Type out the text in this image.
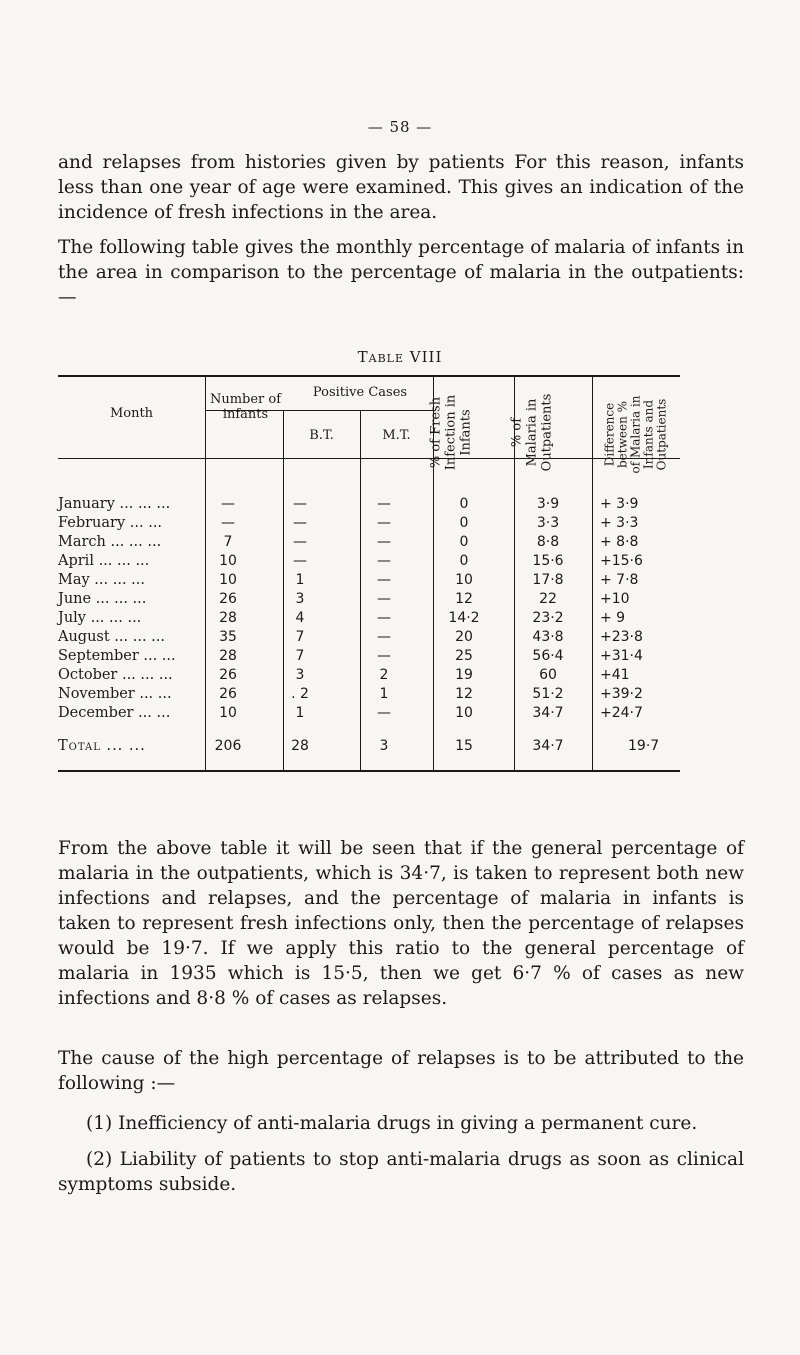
— 58 —

and relapses from histories given by patients For this reason, infants less than one year of age were examined. This gives an indication of the incidence of fresh infections in the area.

The following table gives the monthly percentage of malaria of infants in the area in comparison to the percentage of malaria in the outpatients:—

Table VIII
Month
Number of infants
Positive Cases
B.T.	M.T.	% of Fresh Infection in Infants	% of Malaria in Outpatients	Difference between % of Malaria in Infants and Outpatients
January ... ... ...	—	—	—	0	3·9	+ 3·9
February ... ...	—	—	—	0	3·3	+ 3·3
March ... ... ...	7	—	—	0	8·8	+ 8·8
April ... ... ...	10	—	—	0	15·6	+15·6
May ... ... ...	10	1	—	10	17·8	+ 7·8
June ... ... ...	26	3	—	12	22	+10
July ... ... ...	28	4	—	14·2	23·2	+ 9
August ... ... ...	35	7	—	20	43·8	+23·8
September ... ...	28	7	—	25	56·4	+31·4
October ... ... ...	26	3	2	19	60	+41
November ... ...	26	. 2	1	12	51·2	+39·2
December ... ...	10	1	—	10	34·7	+24·7
Total ... ...	206	28	3	15	34·7	19·7

From the above table it will be seen that if the general percentage of malaria in the outpatients, which is 34·7, is taken to represent both new infections and relapses, and the percentage of malaria in infants is taken to represent fresh infections only, then the percentage of relapses would be 19·7. If we apply this ratio to the general percentage of malaria in 1935 which is 15·5, then we get 6·7 % of cases as new infections and 8·8 % of cases as relapses.

The cause of the high percentage of relapses is to be attributed to the following :—

(1) Inefficiency of anti-malaria drugs in giving a permanent cure.

(2) Liability of patients to stop anti-malaria drugs as soon as clinical symptoms subside.
